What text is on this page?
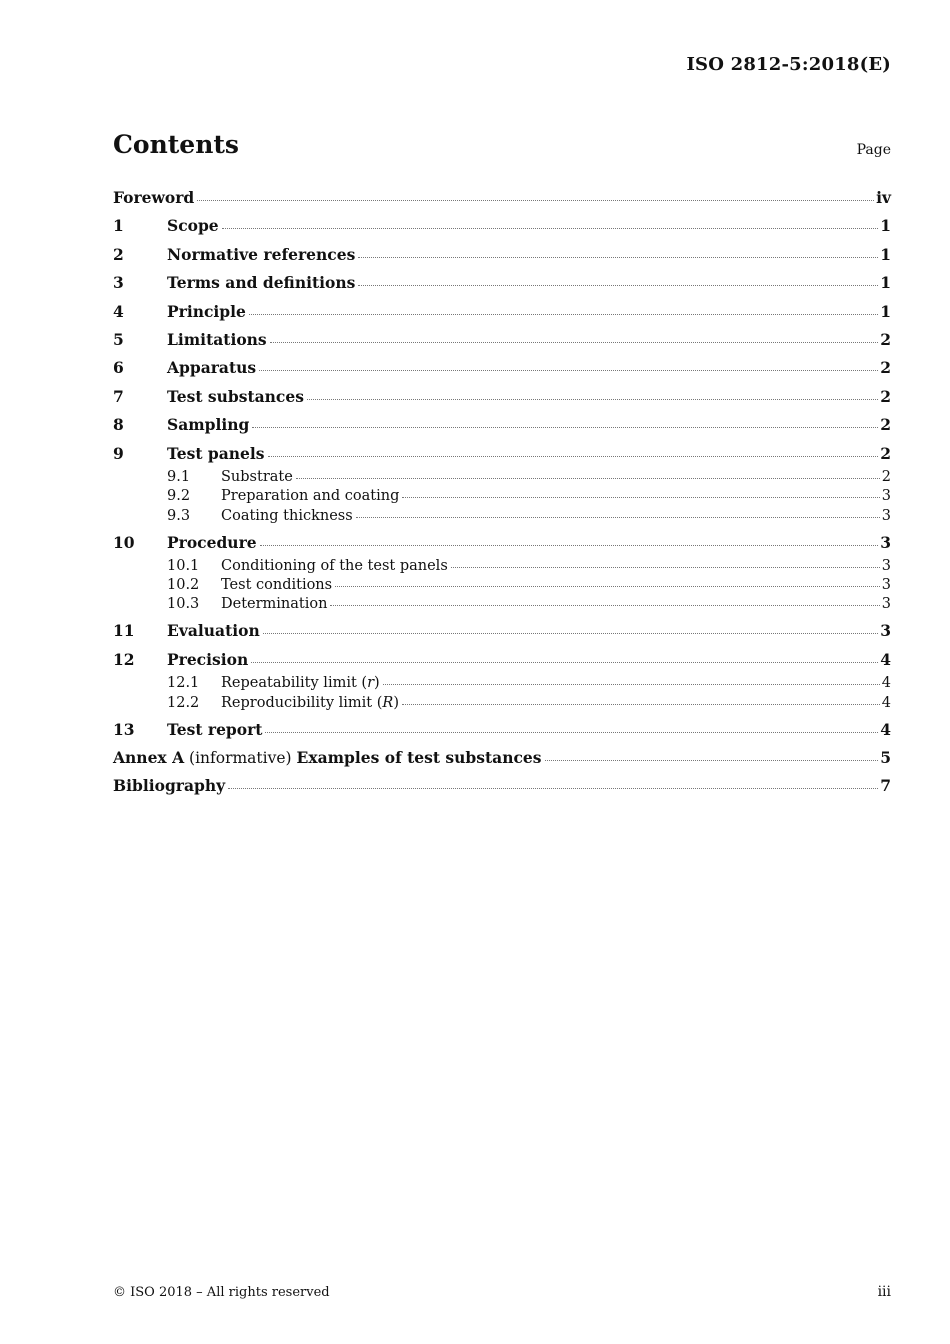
ISO 2812-5:2018(E)
Contents	Page
Foreword	iv
1	Scope	1
2	Normative references	1
3	Terms and definitions	1
4	Principle	1
5	Limitations	2
6	Apparatus	2
7	Test substances	2
8	Sampling	2
9	Test panels	2
9.1	Substrate	2
9.2	Preparation and coating	3
9.3	Coating thickness	3
10	Procedure	3
10.1	Conditioning of the test panels	3
10.2	Test conditions	3
10.3	Determination	3
11	Evaluation	3
12	Precision	4
12.1	Repeatability limit (r)	4
12.2	Reproducibility limit (R)	4
13	Test report	4
Annex A (informative) Examples of test substances	5
Bibliography	7
© ISO 2018 – All rights reserved	iii
